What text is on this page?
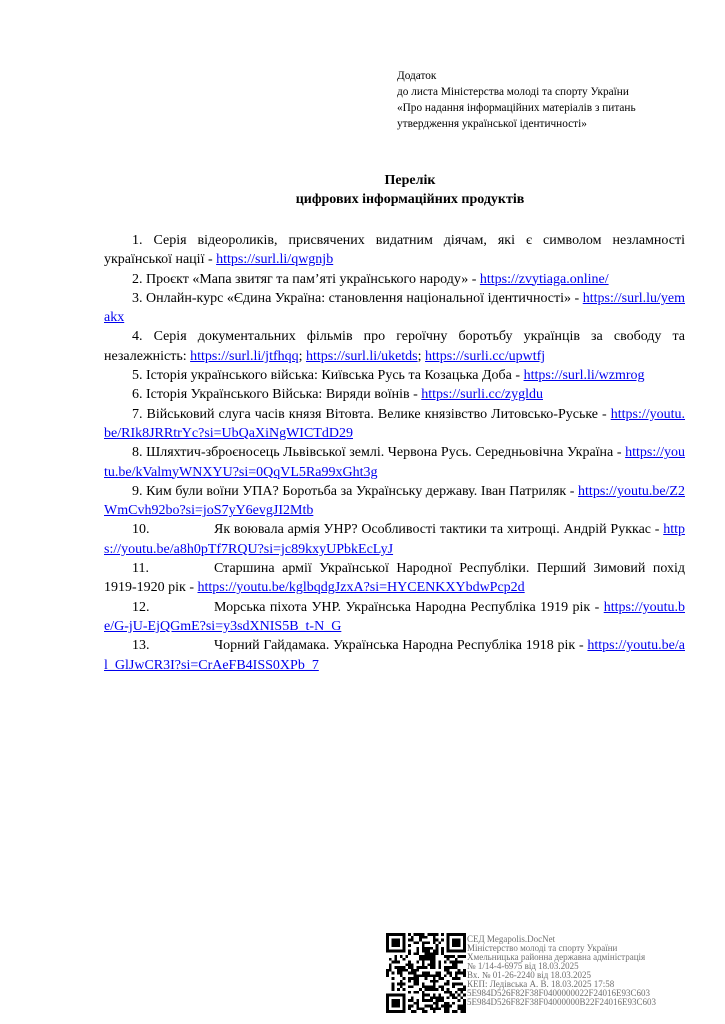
Додаток
до листа Міністерства молоді та спорту України
«Про надання інформаційних матеріалів з питань
утвердження української ідентичності»
Перелік
цифрових інформаційних продуктів
1. Серія відеороликів, присвячених видатним діячам, які є символом незламності української нації - https://surl.li/qwgnjb
2. Проєкт «Мапа звитяг та пам’яті українського народу» - https://zvytiaga.online/
3. Онлайн-курс «Єдина Україна: становлення національної ідентичності» - https://surl.lu/yemakx
4. Серія документальних фільмів про героїчну боротьбу українців за свободу та незалежність: https://surl.li/jtfhqq; https://surl.li/uketds; https://surli.cc/upwtfj
5. Історія українського війська: Київська Русь та Козацька Доба - https://surl.li/wzmrog
6. Історія Українського Війська: Виряди воїнів - https://surli.cc/zygldu
7. Військовий слуга часів князя Вітовта. Велике князівство Литовсько-Руське - https://youtu.be/RIk8JRRtrYc?si=UbQaXiNgWICTdD29
8. Шляхтич-зброєносець Львівської землі. Червона Русь. Середньовічна Україна - https://youtu.be/kValmyWNXYU?si=0QqVL5Ra99xGht3g
9. Ким були воїни УПА? Боротьба за Українську державу. Іван Патриляк - https://youtu.be/Z2WmCvh92bo?si=joS7yY6evgJI2Mtb
10.	Як воювала армія УНР? Особливості тактики та хитрощі. Андрій Руккас - https://youtu.be/a8h0pTf7RQU?si=jc89kxyUPbkEcLyJ
11.	Старшина армії Української Народної Республіки. Перший Зимовий похід 1919-1920 рік - https://youtu.be/kglbqdgJzxA?si=HYCENKXYbdwPcp2d
12.	Морська піхота УНР. Українська Народна Республіка 1919 рік - https://youtu.be/G-jU-EjQGmE?si=y3sdXNIS5B_t-N_G
13.	Чорний Гайдамака. Українська Народна Республіка 1918 рік - https://youtu.be/al_GlJwCR3I?si=CrAeFB4ISS0XPb_7
СЕД Megapolis.DocNet
Міністерство молоді та спорту України
Хмельницька районна державна адміністрація
№ 1/14-4-6975 від 18.03.2025
Вх. № 01-26-2240 від 18.03.2025
КЕП: Ледівська А. В. 18.03.2025 17:58
5E984D526F82F38F0400000022F24016E93C603
5E984D526F82F38F04000000B22F24016E93C603
